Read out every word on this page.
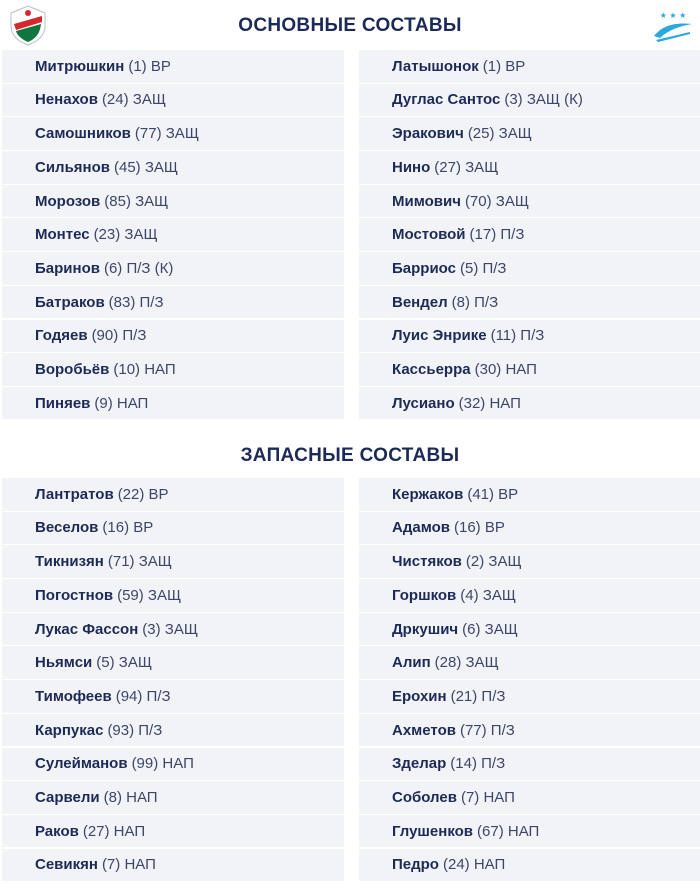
★ ★ ★
ОСНОВНЫЕ СОСТАВЫ
Митрюшкин (1) ВР
Ненахов (24) ЗАЩ
Самошников (77) ЗАЩ
Сильянов (45) ЗАЩ
Морозов (85) ЗАЩ
Монтес (23) ЗАЩ
Баринов (6) П/З (К)
Батраков (83) П/З
Годяев (90) П/З
Воробьёв (10) НАП
Пиняев (9) НАП
Латышонок (1) ВР
Дуглас Сантос (3) ЗАЩ (К)
Эракович (25) ЗАЩ
Нино (27) ЗАЩ
Мимович (70) ЗАЩ
Мостовой (17) П/З
Барриос (5) П/З
Вендел (8) П/З
Луис Энрике (11) П/З
Кассьерра (30) НАП
Лусиано (32) НАП
ЗАПАСНЫЕ СОСТАВЫ
Лантратов (22) ВР
Веселов (16) ВР
Тикнизян (71) ЗАЩ
Погостнов (59) ЗАЩ
Лукас Фассон (3) ЗАЩ
Ньямси (5) ЗАЩ
Тимофеев (94) П/З
Карпукас (93) П/З
Сулейманов (99) НАП
Сарвели (8) НАП
Раков (27) НАП
Севикян (7) НАП
Кержаков (41) ВР
Адамов (16) ВР
Чистяков (2) ЗАЩ
Горшков (4) ЗАЩ
Дркушич (6) ЗАЩ
Алип (28) ЗАЩ
Ерохин (21) П/З
Ахметов (77) П/З
Зделар (14) П/З
Соболев (7) НАП
Глушенков (67) НАП
Педро (24) НАП
